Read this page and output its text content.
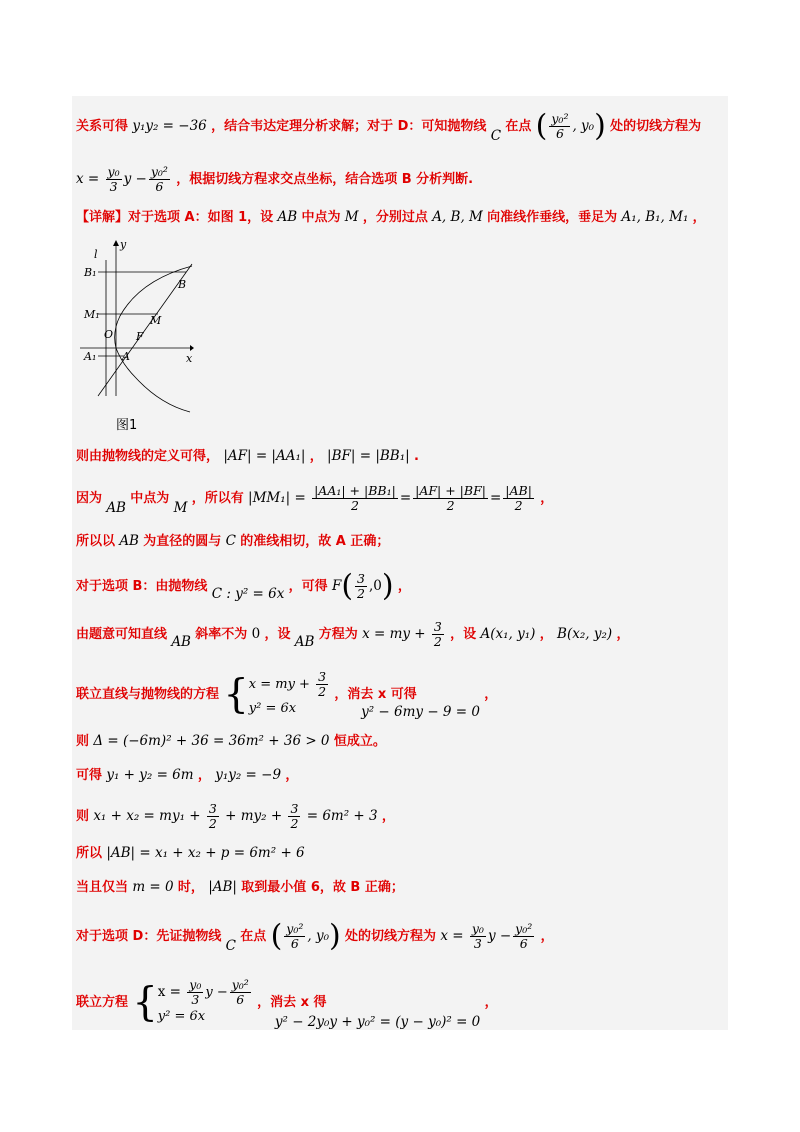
关系可得 y₁y₂ = −36 ，结合韦达定理分析求解；对于 D：可知抛物线 C 在点 ( $\frac{\text{y₀²}}{6}$ , y₀) 处的切线方程为
$x = \frac{\text{y₀}}{3}$ $y - \frac{\text{y₀²}}{6}$ ，根据切线方程求交点坐标，结合选项 B 分析判断.
【详解】对于选项 A：如图 1，设 AB 中点为 M ，分别过点 A, B, M 向准线作垂线，垂足为 A₁, B₁, M₁ ，
B₁
M₁
A₁
l
y
x
O F
M
A
B
图1
则由抛物线的定义可得， |AF| = |AA₁| ， |BF| = |BB₁| .
因为 AB 中点为 M ，所以有 $|MM_1| = \frac{\text{|AA₁| + |BB₁|}}{2} = \frac{|AF| + |BF|}{2} = \frac{|AB|}{2}$ ，
所以以 AB 为直径的圆与 C 的准线相切，故 A 正确；
对于选项 B：由抛物线 C : y² = 6x ，可得 $F( \frac{3}{2} ,0)$ ，
由题意可知直线 AB 斜率不为 0 ，设 AB 方程为 x = my + $\frac{3}{2}$ ，设 A(x₁, y₁) ， B(x₂, y₂) ，
联立直线与抛物线的方程 { x = my + $\frac{3}{2}$
y² = 6x
，消去 x 可得 y² − 6my − 9 = 0 ，
则 Δ = (−6m)² + 36 = 36m² + 36 > 0 恒成立。
可得 y₁ + y₂ = 6m ， y₁y₂ = −9 ，
则 $x_1 + x_2 = my_1 + \frac{3}{2} + my_2 + \frac{3}{2} = 6m^2 + 3$ ，
所以 |AB| = x₁ + x₂ + p = 6m² + 6
当且仅当 m = 0 时， |AB| 取到最小值 6，故 B 正确；
对于选项 D：先证抛物线 C 在点 ( $\frac{\text{y₀²}}{6}$ , y₀) 处的切线方程为 $x = \frac{\text{y₀}}{3}$ $y - \frac{\text{y₀²}}{6}$ ，
联立方程 { $x = \frac{\text{y₀}}{3}$ $y - \frac{\text{y₀²}}{6}$
y² = 6x
，消去 x 得 y² − 2y₀y + y₀² = (y − y₀)² = 0 ，
